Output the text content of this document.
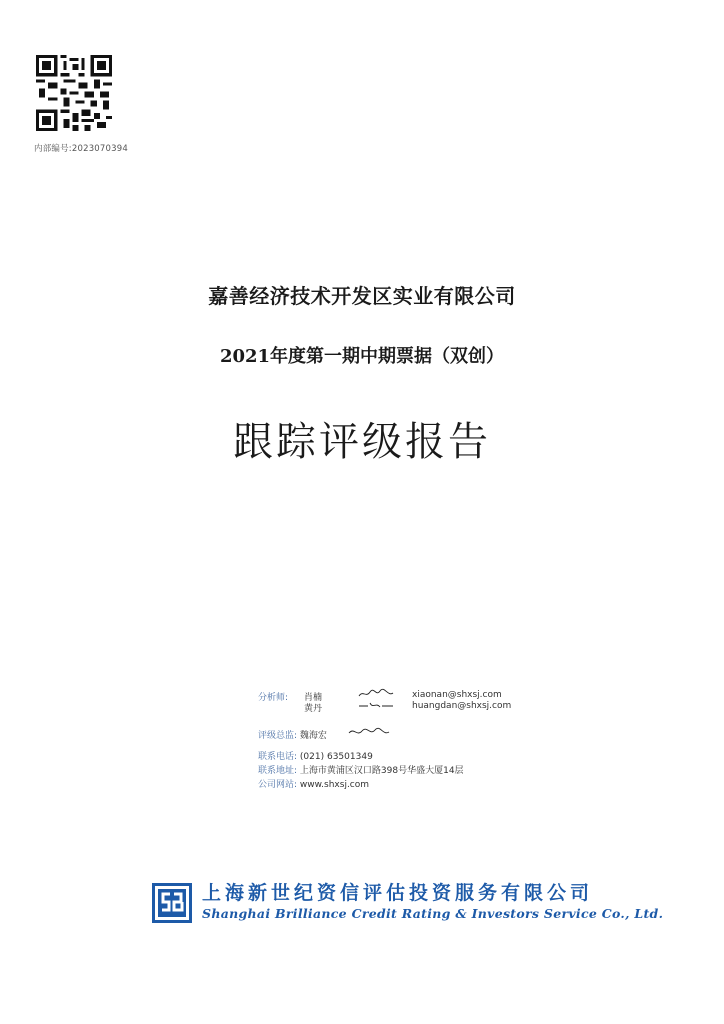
内部编号:2023070394
嘉善经济技术开发区实业有限公司
2021年度第一期中期票据（双创）
跟踪评级报告
分析师: 肖楠
黄丹
xiaonan@shxsj.com
huangdan@shxsj.com
评级总监: 魏海宏
联系电话: (021) 63501349
联系地址: 上海市黄浦区汉口路398号华盛大厦14层
公司网站: www.shxsj.com
上海新世纪资信评估投资服务有限公司
Shanghai Brilliance Credit Rating & Investors Service Co., Ltd.
